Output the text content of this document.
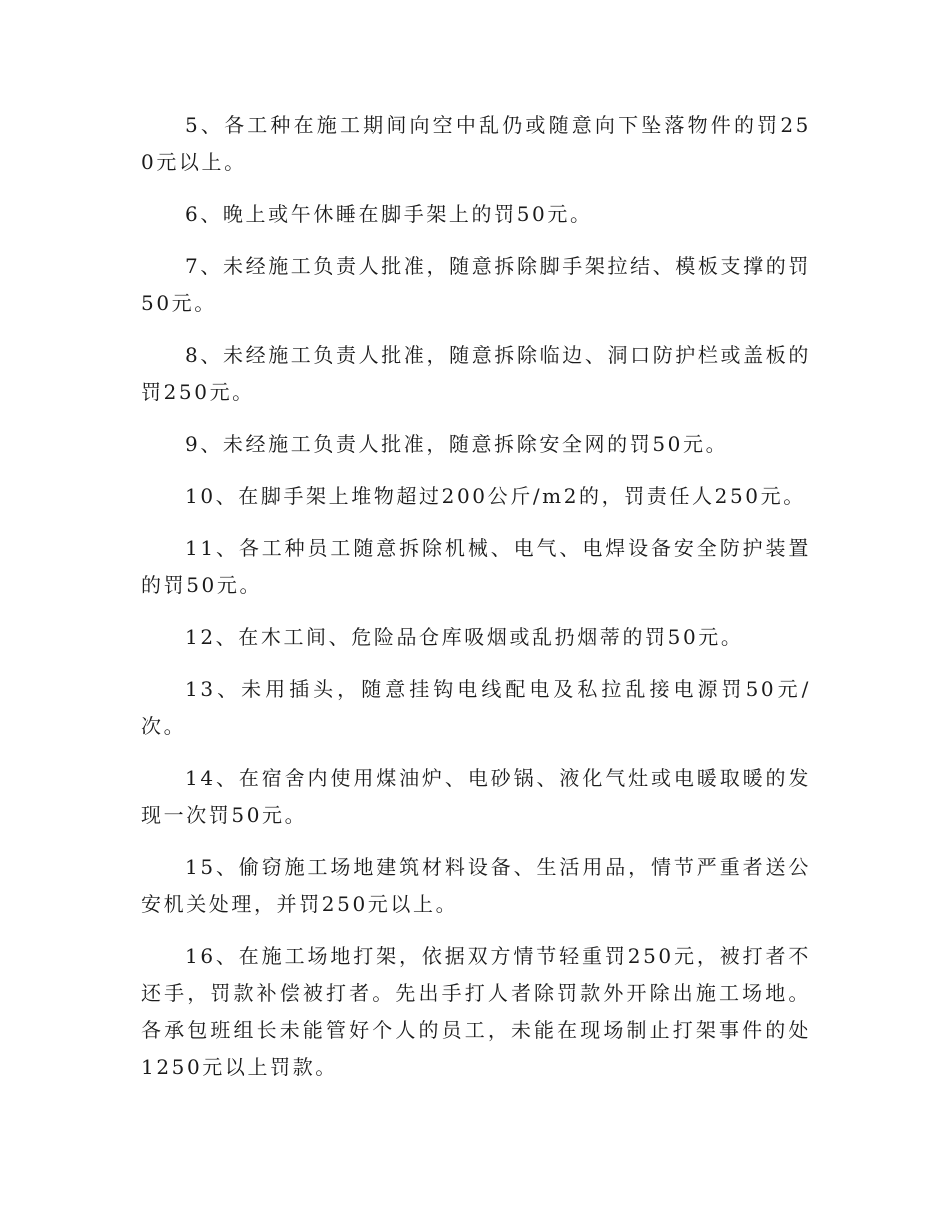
5、各工种在施工期间向空中乱仍或随意向下坠落物件的罚250元以上。

6、晚上或午休睡在脚手架上的罚50元。

7、未经施工负责人批准，随意拆除脚手架拉结、模板支撑的罚50元。

8、未经施工负责人批准，随意拆除临边、洞口防护栏或盖板的罚250元。

9、未经施工负责人批准，随意拆除安全网的罚50元。

10、在脚手架上堆物超过200公斤/m2的，罚责任人250元。

11、各工种员工随意拆除机械、电气、电焊设备安全防护装置的罚50元。

12、在木工间、危险品仓库吸烟或乱扔烟蒂的罚50元。

13、未用插头，随意挂钩电线配电及私拉乱接电源罚50元/次。

14、在宿舍内使用煤油炉、电砂锅、液化气灶或电暖取暖的发现一次罚50元。

15、偷窃施工场地建筑材料设备、生活用品，情节严重者送公安机关处理，并罚250元以上。

16、在施工场地打架，依据双方情节轻重罚250元，被打者不还手，罚款补偿被打者。先出手打人者除罚款外开除出施工场地。各承包班组长未能管好个人的员工，未能在现场制止打架事件的处1250元以上罚款。
